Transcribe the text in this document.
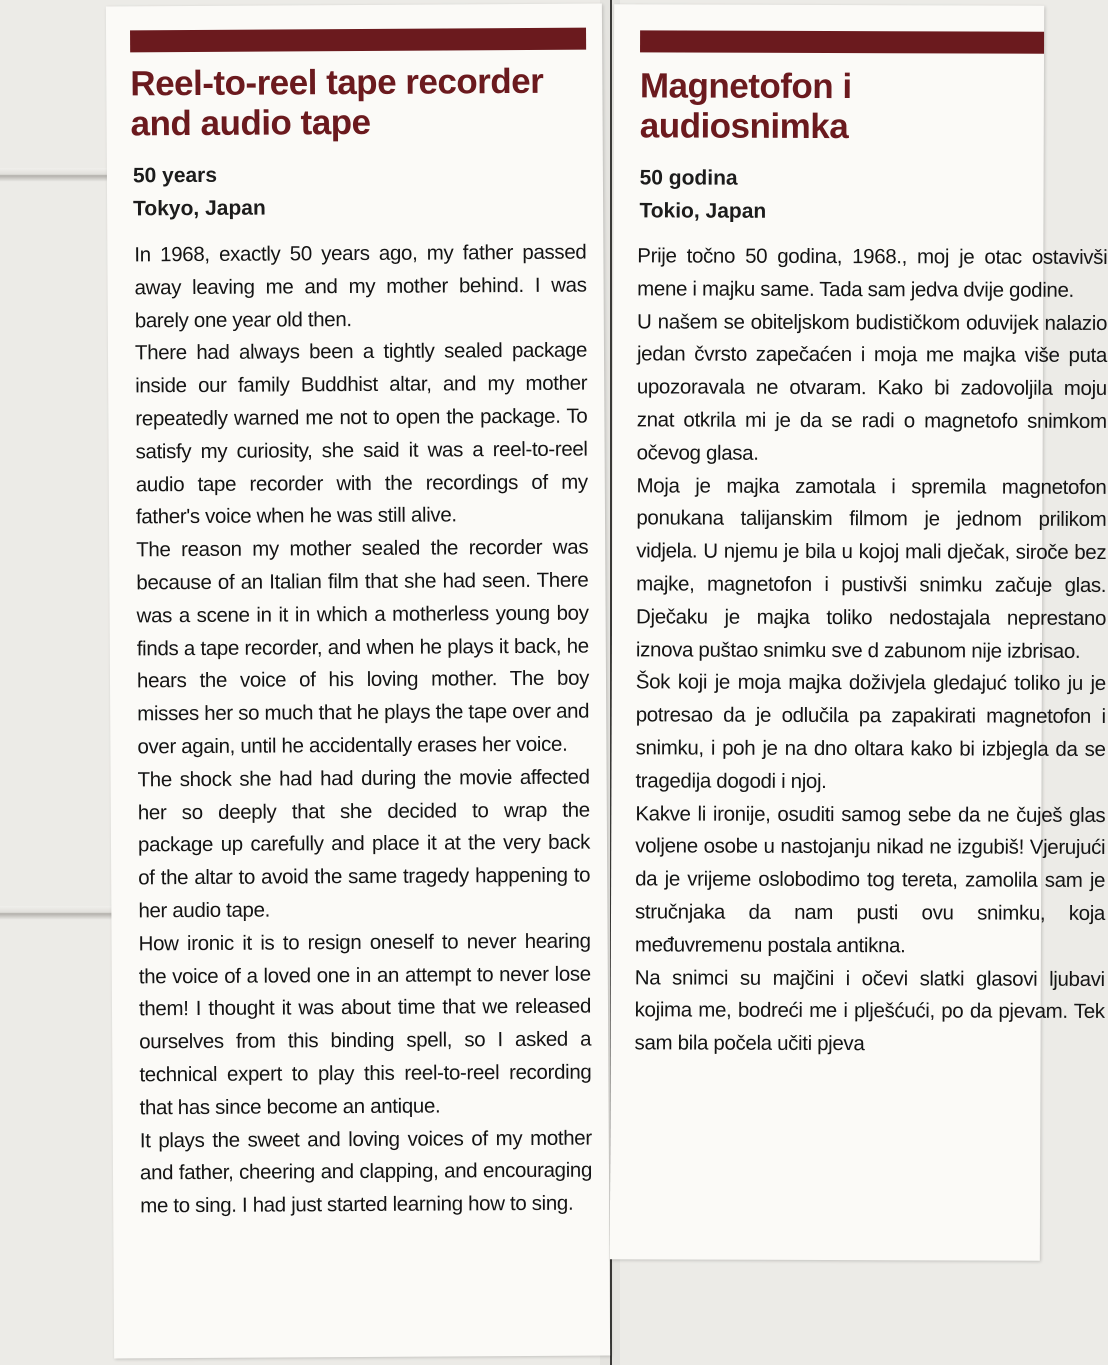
Reel-to-reel tape recorder and audio tape
50 years
Tokyo, Japan

In 1968, exactly 50 years ago, my father passed away leaving me and my mother behind. I was barely one year old then.

There had always been a tightly sealed package inside our family Buddhist altar, and my mother repeatedly warned me not to open the package. To satisfy my curiosity, she said it was a reel-to-reel audio tape recorder with the recordings of my father's voice when he was still alive.

The reason my mother sealed the recorder was because of an Italian film that she had seen. There was a scene in it in which a motherless young boy finds a tape recorder, and when he plays it back, he hears the voice of his loving mother. The boy misses her so much that he plays the tape over and over again, until he accidentally erases her voice.

The shock she had had during the movie affected her so deeply that she decided to wrap the package up carefully and place it at the very back of the altar to avoid the same tragedy happening to her audio tape.

How ironic it is to resign oneself to never hearing the voice of a loved one in an attempt to never lose them! I thought it was about time that we released ourselves from this binding spell, so I asked a technical expert to play this reel-to-reel recording that has since become an antique.

It plays the sweet and loving voices of my mother and father, cheering and clapping, and encouraging me to sing. I had just started learning how to sing.

Magnetofon i audiosnimka
50 godina
Tokio, Japan

Prije točno 50 godina, 1968., moj je otac ostavivši mene i majku same. Tada sam jedva dvije godine.

U našem se obiteljskom budističkom oduvijek nalazio jedan čvrsto zapečaćen i moja me majka više puta upozoravala ne otvaram. Kako bi zadovoljila moju znat otkrila mi je da se radi o magnetofo snimkom očevog glasa.

Moja je majka zamotala i spremila magnetofon ponukana talijanskim filmom je jednom prilikom vidjela. U njemu je bila u kojoj mali dječak, siroče bez majke, magnetofon i pustivši snimku začuje glas. Dječaku je majka toliko nedostajala neprestano iznova puštao snimku sve d zabunom nije izbrisao.

Šok koji je moja majka doživjela gledajuć toliko ju je potresao da je odlučila pa zapakirati magnetofon i snimku, i poh je na dno oltara kako bi izbjegla da se tragedija dogodi i njoj.

Kakve li ironije, osuditi samog sebe da ne čuješ glas voljene osobe u nastojanju nikad ne izgubiš! Vjerujući da je vrijeme oslobodimo tog tereta, zamolila sam je stručnjaka da nam pusti ovu snimku, koja međuvremenu postala antikna.

Na snimci su majčini i očevi slatki glasovi ljubavi kojima me, bodreći me i plješćući, po da pjevam. Tek sam bila počela učiti pjeva
